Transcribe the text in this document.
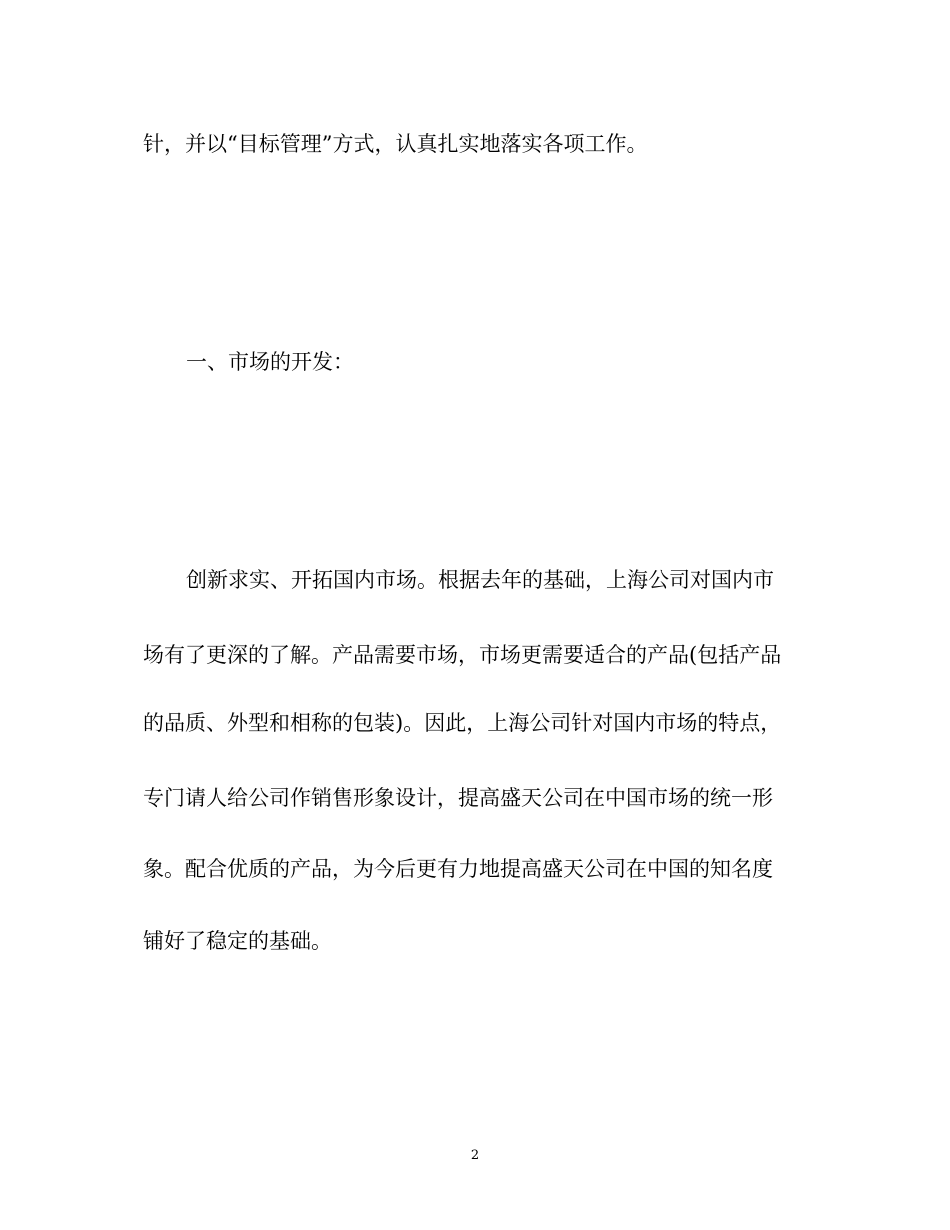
针，并以“目标管理”方式，认真扎实地落实各项工作。
一、市场的开发：
创新求实、开拓国内市场。根据去年的基础，上海公司对国内市
场有了更深的了解。产品需要市场，市场更需要适合的产品(包括产品
的品质、外型和相称的包装)。因此，上海公司针对国内市场的特点，
专门请人给公司作销售形象设计，提高盛天公司在中国市场的统一形
象。配合优质的产品，为今后更有力地提高盛天公司在中国的知名度
铺好了稳定的基础。
2
